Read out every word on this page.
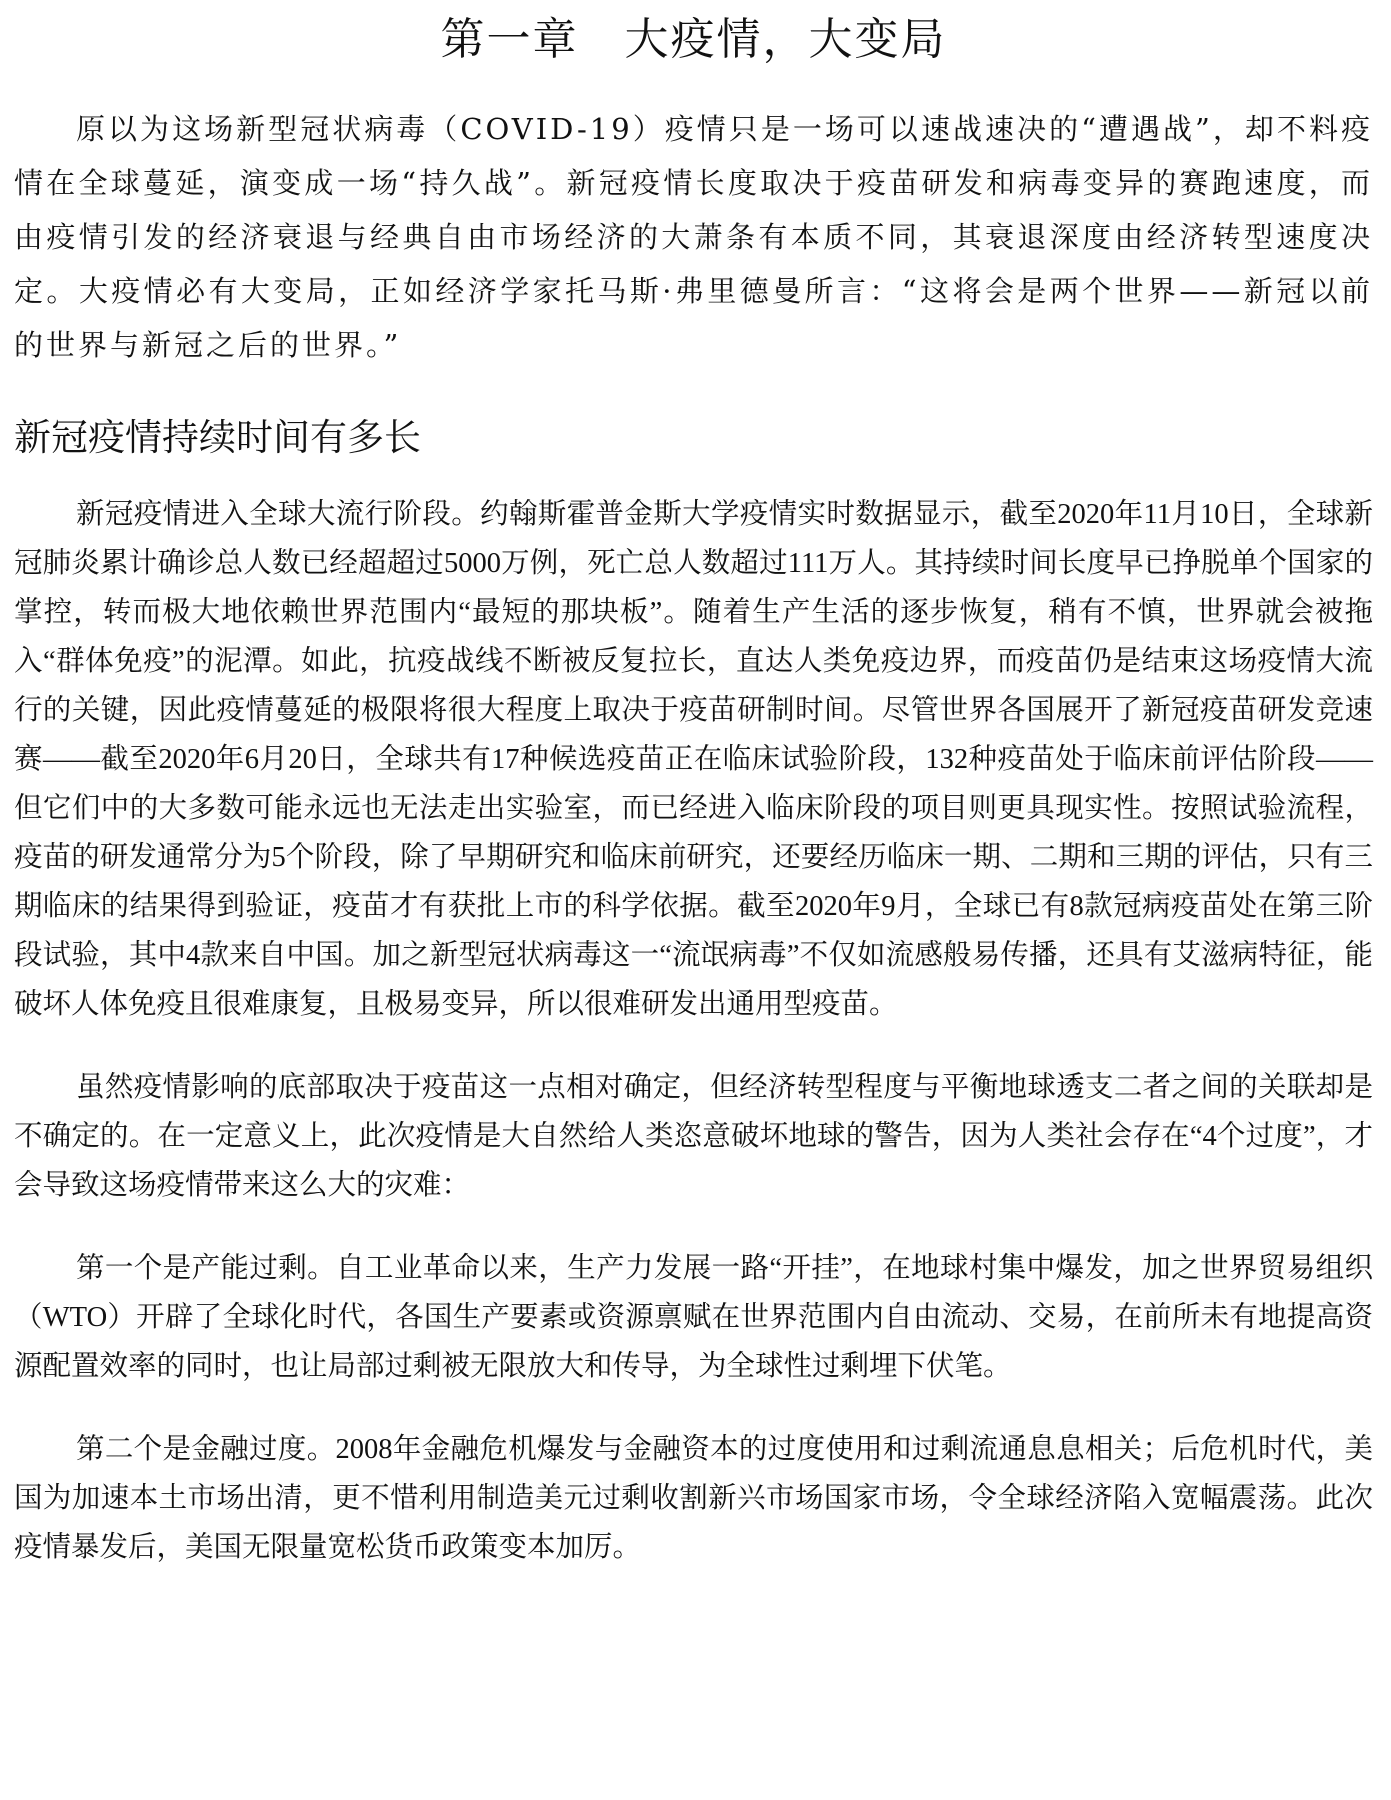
第一章　大疫情，大变局

原以为这场新型冠状病毒（COVID-19）疫情只是一场可以速战速决的“遭遇战”，却不料疫情在全球蔓延，演变成一场“持久战”。新冠疫情长度取决于疫苗研发和病毒变异的赛跑速度，而由疫情引发的经济衰退与经典自由市场经济的大萧条有本质不同，其衰退深度由经济转型速度决定。大疫情必有大变局，正如经济学家托马斯·弗里德曼所言：“这将会是两个世界——新冠以前的世界与新冠之后的世界。”

新冠疫情持续时间有多长

新冠疫情进入全球大流行阶段。约翰斯霍普金斯大学疫情实时数据显示，截至2020年11月10日，全球新冠肺炎累计确诊总人数已经超超过5000万例，死亡总人数超过111万人。其持续时间长度早已挣脱单个国家的掌控，转而极大地依赖世界范围内“最短的那块板”。随着生产生活的逐步恢复，稍有不慎，世界就会被拖入“群体免疫”的泥潭。如此，抗疫战线不断被反复拉长，直达人类免疫边界，而疫苗仍是结束这场疫情大流行的关键，因此疫情蔓延的极限将很大程度上取决于疫苗研制时间。尽管世界各国展开了新冠疫苗研发竞速赛——截至2020年6月20日，全球共有17种候选疫苗正在临床试验阶段，132种疫苗处于临床前评估阶段——但它们中的大多数可能永远也无法走出实验室，而已经进入临床阶段的项目则更具现实性。按照试验流程，疫苗的研发通常分为5个阶段，除了早期研究和临床前研究，还要经历临床一期、二期和三期的评估，只有三期临床的结果得到验证，疫苗才有获批上市的科学依据。截至2020年9月，全球已有8款冠病疫苗处在第三阶段试验，其中4款来自中国。加之新型冠状病毒这一“流氓病毒”不仅如流感般易传播，还具有艾滋病特征，能破坏人体免疫且很难康复，且极易变异，所以很难研发出通用型疫苗。

虽然疫情影响的底部取决于疫苗这一点相对确定，但经济转型程度与平衡地球透支二者之间的关联却是不确定的。在一定意义上，此次疫情是大自然给人类恣意破坏地球的警告，因为人类社会存在“4个过度”，才会导致这场疫情带来这么大的灾难：

第一个是产能过剩。自工业革命以来，生产力发展一路“开挂”，在地球村集中爆发，加之世界贸易组织（WTO）开辟了全球化时代，各国生产要素或资源禀赋在世界范围内自由流动、交易，在前所未有地提高资源配置效率的同时，也让局部过剩被无限放大和传导，为全球性过剩埋下伏笔。

第二个是金融过度。2008年金融危机爆发与金融资本的过度使用和过剩流通息息相关；后危机时代，美国为加速本土市场出清，更不惜利用制造美元过剩收割新兴市场国家市场，令全球经济陷入宽幅震荡。此次疫情暴发后，美国无限量宽松货币政策变本加厉。
